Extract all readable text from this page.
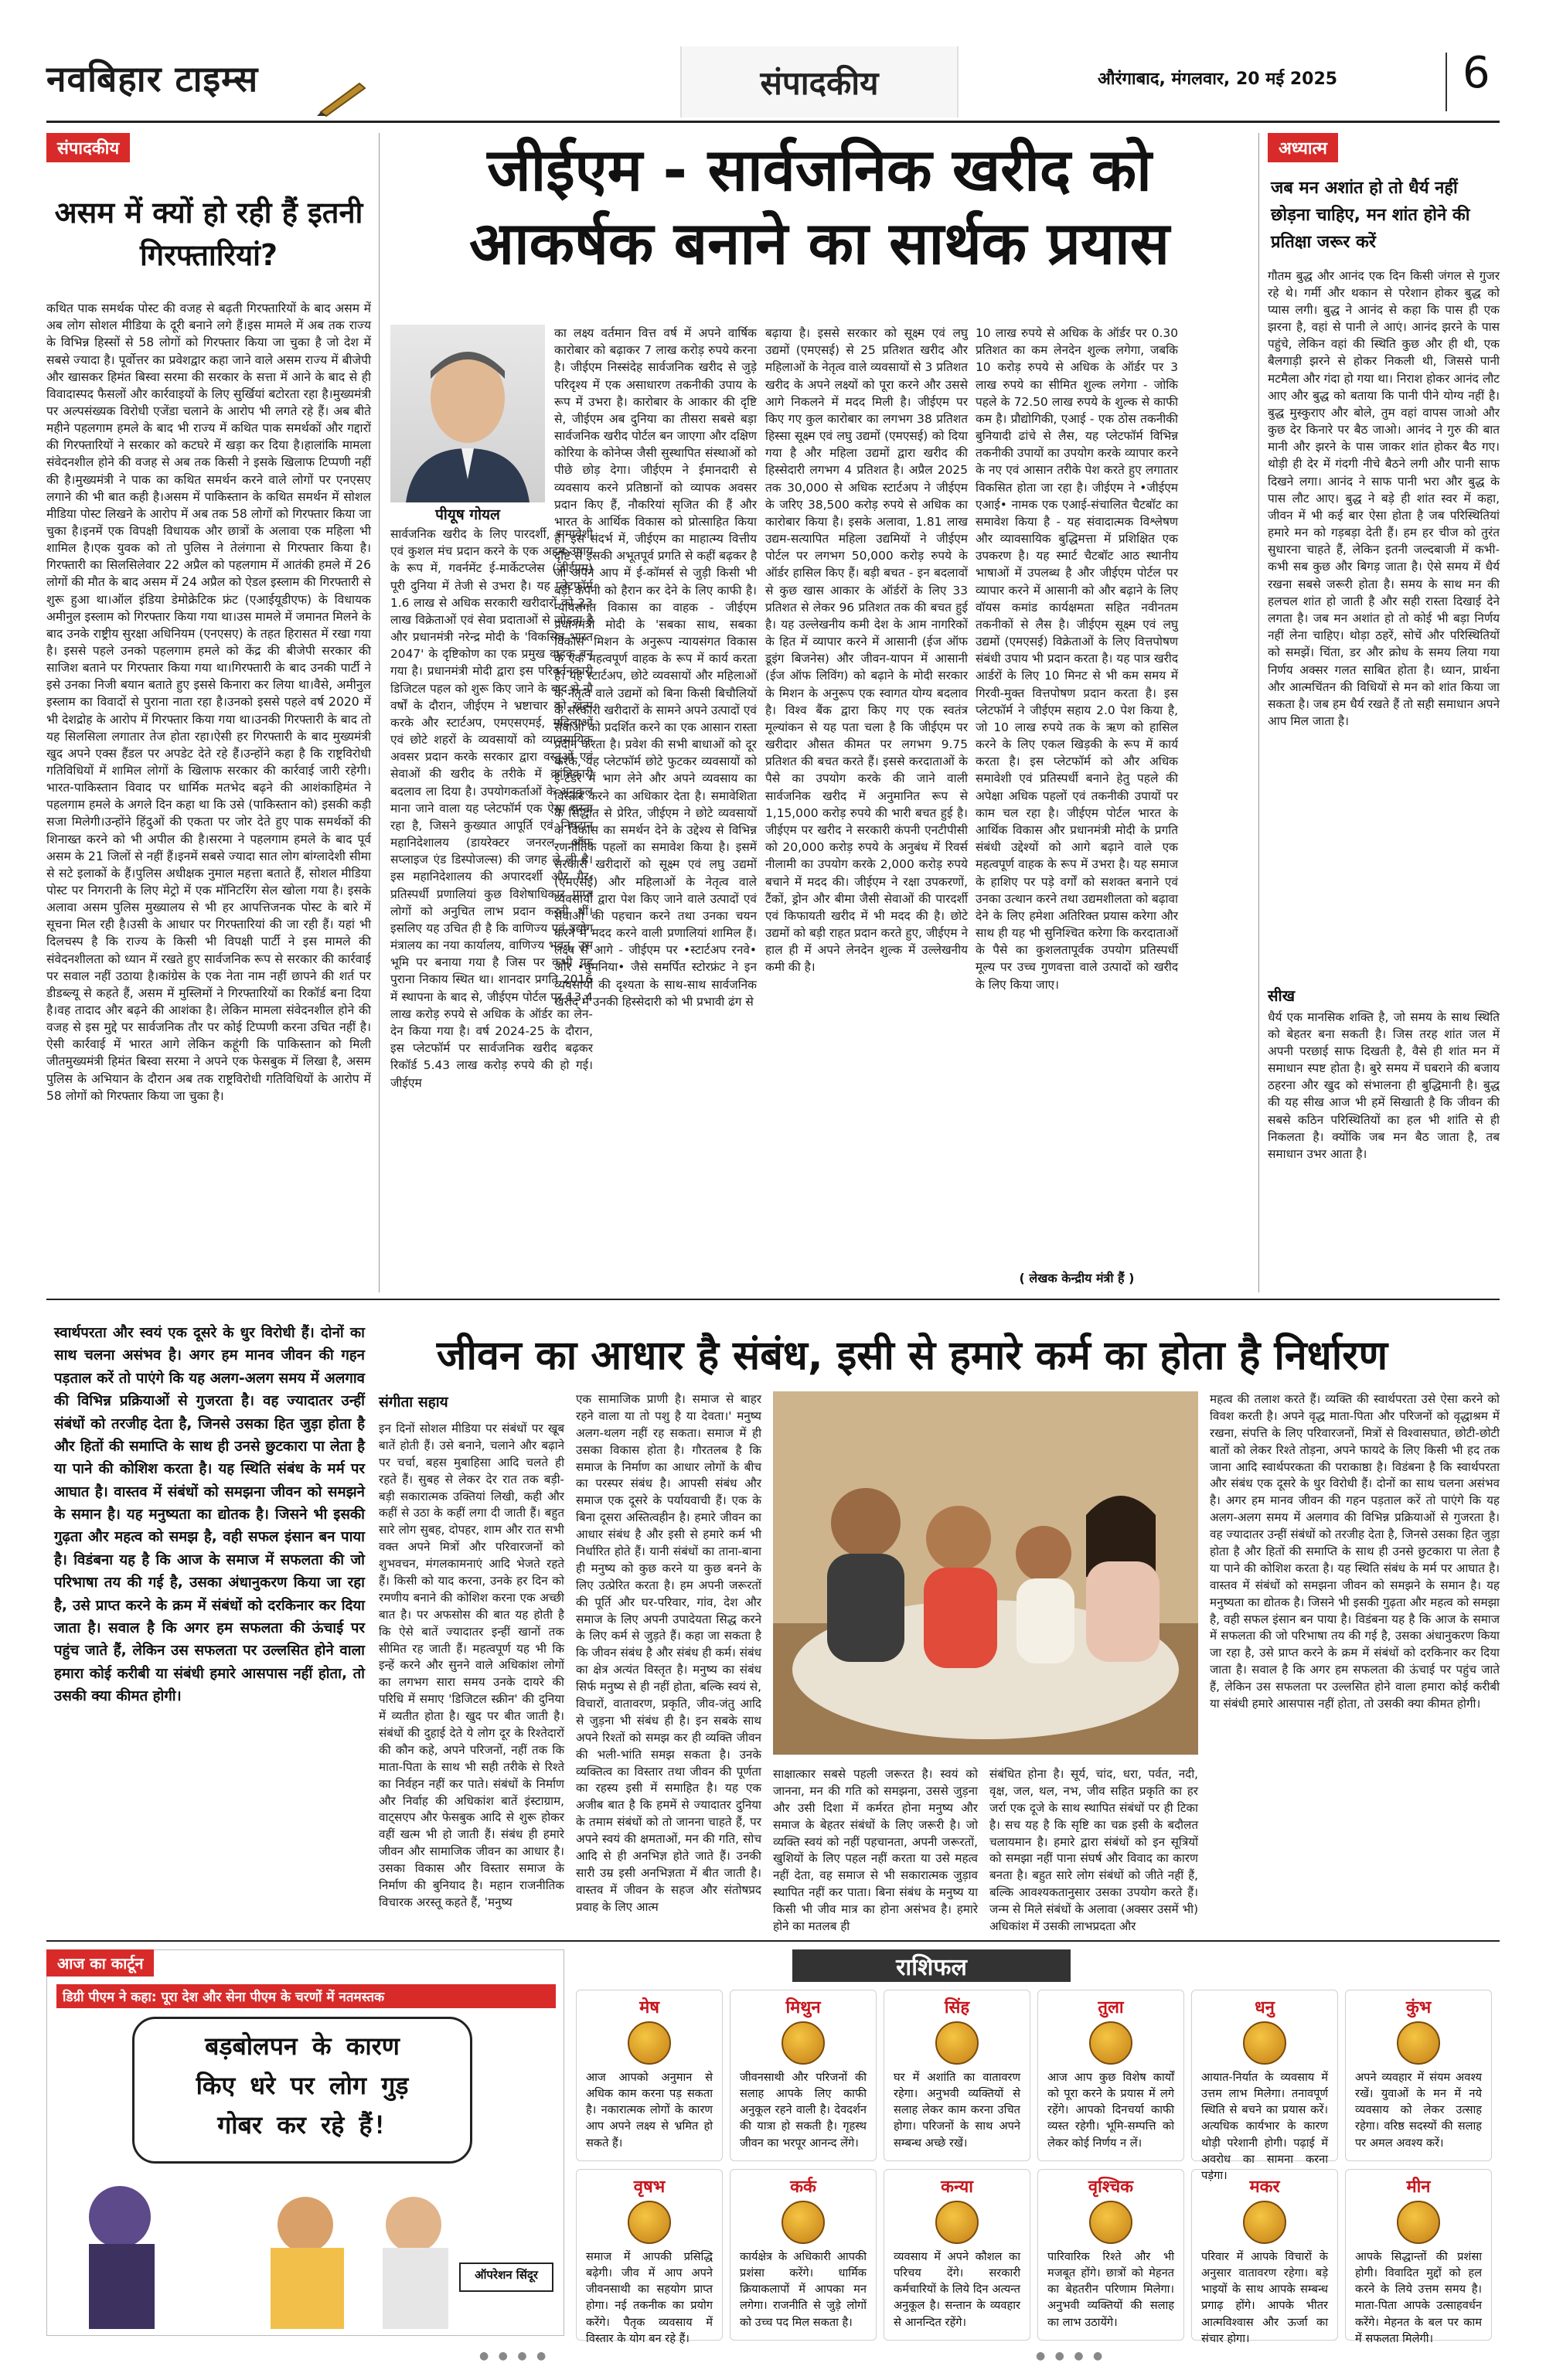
नवबिहार टाइम्स	संपादकीय	औरंगाबाद, मंगलवार, 20 मई 2025	6
संपादकीय
असम में क्यों हो रही हैं इतनी गिरफ्तारियां?
कथित पाक समर्थक पोस्ट की वजह से बढ़ती गिरफ्तारियों के बाद असम में अब लोग सोशल मीडिया के दूरी बनाने लगे हैं।इस मामले में अब तक राज्य के विभिन्न हिस्सों से 58 लोगों को गिरफ्तार किया जा चुका है जो देश में सबसे ज्यादा है। पूर्वोत्तर का प्रवेशद्वार कहा जाने वाले असम राज्य में बीजेपी और खासकर हिमंत बिस्वा सरमा की सरकार के सत्ता में आने के बाद से ही विवादास्पद फैसलों और कार्रवाइयों के लिए सुर्खियां बटोरता रहा है।मुख्यमंत्री पर अल्पसंख्यक विरोधी एजेंडा चलाने के आरोप भी लगते रहे हैं। अब बीते महीने पहलगाम हमले के बाद भी राज्य में कथित पाक समर्थकों और गद्दारों की गिरफ्तारियों ने सरकार को कटघरे में खड़ा कर दिया है।हालांकि मामला संवेदनशील होने की वजह से अब तक किसी ने इसके खिलाफ टिप्पणी नहीं की है।मुख्यमंत्री ने पाक का कथित समर्थन करने वाले लोगों पर एनएसए लगाने की भी बात कही है।असम में पाकिस्तान के कथित समर्थन में सोशल मीडिया पोस्ट लिखने के आरोप में अब तक 58 लोगों को गिरफ्तार किया जा चुका है।इनमें एक विपक्षी विधायक और छात्रों के अलावा एक महिला भी शामिल है।एक युवक को तो पुलिस ने तेलंगाना से गिरफ्तार किया है। गिरफ्तारी का सिलसिलेवार 22 अप्रैल को पहलगाम में आतंकी हमले में 26 लोगों की मौत के बाद असम में 24 अप्रैल को ऐडल इस्लाम की गिरफ्तारी से शुरू हुआ था।ऑल इंडिया डेमोक्रेटिक फ्रंट (एआईयूडीएफ) के विधायक अमीनुल इस्लाम को गिरफ्तार किया गया था।उस मामले में जमानत मिलने के बाद उनके राष्ट्रीय सुरक्षा अधिनियम (एनएसए) के तहत हिरासत में रखा गया है। इससे पहले उनको पहलगाम हमले को केंद्र की बीजेपी सरकार की साजिश बताने पर गिरफ्तार किया गया था।गिरफ्तारी के बाद उनकी पार्टी ने इसे उनका निजी बयान बताते हुए इससे किनारा कर लिया था।वैसे, अमीनुल इस्लाम का विवादों से पुराना नाता रहा है।उनको इससे पहले वर्ष 2020 में भी देशद्रोह के आरोप में गिरफ्तार किया गया था।उनकी गिरफ्तारी के बाद तो यह सिलसिला लगातार तेज होता रहा।ऐसी हर गिरफ्तारी के बाद मुख्यमंत्री खुद अपने एक्स हैंडल पर अपडेट देते रहे हैं।उन्होंने कहा है कि राष्ट्रविरोधी गतिविधियों में शामिल लोगों के खिलाफ सरकार की कार्रवाई जारी रहेगी।भारत-पाकिस्तान विवाद पर धार्मिक मतभेद बढ़ने की आशंकाहिमंत ने पहलगाम हमले के अगले दिन कहा था कि उसे (पाकिस्तान को) इसकी कड़ी सजा मिलेगी।उन्होंने हिंदुओं की एकता पर जोर देते हुए पाक समर्थकों की शिनाख्त करने को भी अपील की है।सरमा ने पहलगाम हमले के बाद पूर्व असम के 21 जिलों से नहीं हैं।इनमें सबसे ज्यादा सात लोग बांग्लादेशी सीमा से सटे इलाकों के हैं।पुलिस अधीक्षक नुमाल महत्ता बताते हैं, सोशल मीडिया पोस्ट पर निगरानी के लिए मेट्रो में एक मॉनिटरिंग सेल खोला गया है। इसके अलावा असम पुलिस मुख्यालय से भी हर आपत्तिजनक पोस्ट के बारे में सूचना मिल रही है।उसी के आधार पर गिरफ्तारियां की जा रही हैं। यहां भी दिलचस्प है कि राज्य के किसी भी विपक्षी पार्टी ने इस मामले की संवेदनशीलता को ध्यान में रखते हुए सार्वजनिक रूप से सरकार की कार्रवाई पर सवाल नहीं उठाया है।कांग्रेस के एक नेता नाम नहीं छापने की शर्त पर डीडब्ल्यू से कहते हैं, असम में मुस्लिमों ने गिरफ्तारियों का रिकॉर्ड बना दिया है।वह तादाद और बढ़ने की आशंका है। लेकिन मामला संवेदनशील होने की वजह से इस मुद्दे पर सार्वजनिक तौर पर कोई टिप्पणी करना उचित नहीं है।ऐसी कार्रवाई में भारत आगे लेकिन कहूंगी कि पाकिस्तान को मिली जीतमुख्यमंत्री हिमंत बिस्वा सरमा ने अपने एक फेसबुक में लिखा है, असम पुलिस के अभियान के दौरान अब तक राष्ट्रविरोधी गतिविधियों के आरोप में 58 लोगों को गिरफ्तार किया जा चुका है।
जीईएम - सार्वजनिक खरीद को
आकर्षक बनाने का सार्थक प्रयास
पीयूष गोयल
सार्वजनिक खरीद के लिए पारदर्शी, समावेशी एवं कुशल मंच प्रदान करने के एक अहम उपाय के रूप में, गवर्नमेंट ई-मार्केटप्लेस (जीईएम) पूरी दुनिया में तेजी से उभरा है। यह प्लेटफॉर्म 1.6 लाख से अधिक सरकारी खरीदारों को 23 लाख विक्रेताओं एवं सेवा प्रदाताओं से जोड़ता है और प्रधानमंत्री नरेन्द्र मोदी के 'विकसित भारत 2047' के दृष्टिकोण का एक प्रमुख वाहक बन गया है। प्रधानमंत्री मोदी द्वारा इस परिवर्तनकारी डिजिटल पहल को शुरू किए जाने के बाद से नौ वर्षों के दौरान, जीईएम ने भ्रष्टाचार को खत्म करके और स्टार्टअप, एमएसएमई, महिलाओं एवं छोटे शहरों के व्यवसायों को व्यावसायिक अवसर प्रदान करके सरकार द्वारा वस्तुओं एवं सेवाओं की खरीद के तरीके में क्रांतिकारी बदलाव ला दिया है। उपयोगकर्ताओं के अनुकूल माना जाने वाला यह प्लेटफॉर्म एक ऐसा रास्ता रहा है, जिसने कुख्यात आपूर्ति एवं निपटान महानिदेशालय (डायरेक्टर जनरल ऑफ सप्लाइज एंड डिस्पोजल्स) की जगह ले ली है। इस महानिदेशालय की अपारदर्शी और गैर-प्रतिस्पर्धी प्रणालियां कुछ विशेषाधिकार प्राप्त लोगों को अनुचित लाभ प्रदान करती थीं। इसलिए यह उचित ही है कि वाणिज्य एवं उद्योग मंत्रालय का नया कार्यालय, वाणिज्य भवन, उस भूमि पर बनाया गया है जिस पर कभी यह पुराना निकाय स्थित था। शानदार प्रगति 2016 में स्थापना के बाद से, जीईएम पोर्टल पर 13.4 लाख करोड़ रुपये से अधिक के ऑर्डर का लेन-देन किया गया है। वर्ष 2024-25 के दौरान, इस प्लेटफॉर्म पर सार्वजनिक खरीद बढ़कर रिकॉर्ड 5.43 लाख करोड़ रुपये की हो गई। जीईएम
का लक्ष्य वर्तमान वित्त वर्ष में अपने वार्षिक कारोबार को बढ़ाकर 7 लाख करोड़ रुपये करना है। जीईएम निस्संदेह सार्वजनिक खरीद से जुड़े परिदृश्य में एक असाधारण तकनीकी उपाय के रूप में उभरा है। कारोबार के आकार की दृष्टि से, जीईएम अब दुनिया का तीसरा सबसे बड़ा सार्वजनिक खरीद पोर्टल बन जाएगा और दक्षिण कोरिया के कोनेप्स जैसी सुस्थापित संस्थाओं को पीछे छोड़ देगा। जीईएम ने ईमानदारी से व्यवसाय करने प्रतिष्ठानों को व्यापक अवसर प्रदान किए हैं, नौकरियां सृजित की हैं और भारत के आर्थिक विकास को प्रोत्साहित किया है। इस संदर्भ में, जीईएम का माहात्म्य वित्तीय दृष्टि से इसकी अभूतपूर्व प्रगति से कहीं बढ़कर है जो अपने आप में ई-कॉमर्स से जुड़ी किसी भी बड़ी कंपनी को हैरान कर देने के लिए काफी है। न्यायसंगत विकास का वाहक - जीईएम प्रधानमंत्री मोदी के 'सबका साथ, सबका विकास' मिशन के अनुरूप न्यायसंगत विकास के एक महत्वपूर्ण वाहक के रूप में कार्य करता है। यह स्टार्टअप, छोटे व्यवसायों और महिलाओं के नेतृत्व वाले उद्यमों को बिना किसी बिचौलियों के सरकारी खरीदारों के सामने अपने उत्पादों एवं सेवाओं को प्रदर्शित करने का एक आसान रास्ता प्रदान करता है। प्रवेश की सभी बाधाओं को दूर करके, यह प्लेटफॉर्म छोटे फुटकर व्यवसायों को ई-टेंडर में भाग लेने और अपने व्यवसाय का विस्तार करने का अधिकार देता है। समावेशिता के सिद्धांत से प्रेरित, जीईएम ने छोटे व्यवसायों के विकास का समर्थन देने के उद्देश्य से विभिन्न रणनीतिक पहलों का समावेश किया है। इसमें सरकारी खरीदारों को सूक्ष्म एवं लघु उद्यमों (एमएसई) और महिलाओं के नेतृत्व वाले व्यवसायों द्वारा पेश किए जाने वाले उत्पादों एवं सेवाओं की पहचान करने तथा उनका चयन करने में मदद करने वाली प्रणालियां शामिल हैं। लक्ष्य से आगे - जीईएम पर •स्टार्टअप रनवे• और •वुमनिया• जैसे समर्पित स्टोरफ्रंट ने इन व्यवसायों की दृश्यता के साथ-साथ सार्वजनिक खरीद में उनकी हिस्सेदारी को भी प्रभावी ढंग से
बढ़ाया है। इससे सरकार को सूक्ष्म एवं लघु उद्यमों (एमएसई) से 25 प्रतिशत खरीद और महिलाओं के नेतृत्व वाले व्यवसायों से 3 प्रतिशत खरीद के अपने लक्ष्यों को पूरा करने और उससे आगे निकलने में मदद मिली है। जीईएम पर किए गए कुल कारोबार का लगभग 38 प्रतिशत हिस्सा सूक्ष्म एवं लघु उद्यमों (एमएसई) को दिया गया है और महिला उद्यमों द्वारा खरीद की हिस्सेदारी लगभग 4 प्रतिशत है। अप्रैल 2025 तक 30,000 से अधिक स्टार्टअप ने जीईएम के जरिए 38,500 करोड़ रुपये से अधिक का कारोबार किया है। इसके अलावा, 1.81 लाख उद्यम-सत्यापित महिला उद्यमियों ने जीईएम पोर्टल पर लगभग 50,000 करोड़ रुपये के ऑर्डर हासिल किए हैं। बड़ी बचत - इन बदलावों से कुछ खास आकार के ऑर्डरों के लिए 33 प्रतिशत से लेकर 96 प्रतिशत तक की बचत हुई है। यह उल्लेखनीय कमी देश के आम नागरिकों के हित में व्यापार करने में आसानी (ईज ऑफ डूइंग बिजनेस) और जीवन-यापन में आसानी (ईज ऑफ लिविंग) को बढ़ाने के मोदी सरकार के मिशन के अनुरूप एक स्वागत योग्य बदलाव है। विश्व बैंक द्वारा किए गए एक स्वतंत्र मूल्यांकन से यह पता चला है कि जीईएम पर खरीदार औसत कीमत पर लगभग 9.75 प्रतिशत की बचत करते हैं। इससे करदाताओं के पैसे का उपयोग करके की जाने वाली सार्वजनिक खरीद में अनुमानित रूप से 1,15,000 करोड़ रुपये की भारी बचत हुई है। जीईएम पर खरीद ने सरकारी कंपनी एनटीपीसी को 20,000 करोड़ रुपये के अनुबंध में रिवर्स नीलामी का उपयोग करके 2,000 करोड़ रुपये बचाने में मदद की। जीईएम ने रक्षा उपकरणों, टैंकों, ड्रोन और बीमा जैसी सेवाओं की पारदर्शी एवं किफायती खरीद में भी मदद की है। छोटे उद्यमों को बड़ी राहत प्रदान करते हुए, जीईएम ने हाल ही में अपने लेनदेन शुल्क में उल्लेखनीय कमी की है।
10 लाख रुपये से अधिक के ऑर्डर पर 0.30 प्रतिशत का कम लेनदेन शुल्क लगेगा, जबकि 10 करोड़ रुपये से अधिक के ऑर्डर पर 3 लाख रुपये का सीमित शुल्क लगेगा - जोकि पहले के 72.50 लाख रुपये के शुल्क से काफी कम है। प्रौद्योगिकी, एआई - एक ठोस तकनीकी बुनियादी ढांचे से लैस, यह प्लेटफॉर्म विभिन्न तकनीकी उपायों का उपयोग करके व्यापार करने के नए एवं आसान तरीके पेश करते हुए लगातार विकसित होता जा रहा है। जीईएम ने •जीईएम एआई• नामक एक एआई-संचालित चैटबॉट का समावेश किया है - यह संवादात्मक विश्लेषण और व्यावसायिक बुद्धिमत्ता में प्रशिक्षित एक उपकरण है। यह स्मार्ट चैटबॉट आठ स्थानीय भाषाओं में उपलब्ध है और जीईएम पोर्टल पर व्यापार करने में आसानी को और बढ़ाने के लिए वॉयस कमांड कार्यक्षमता सहित नवीनतम तकनीकों से लैस है। जीईएम सूक्ष्म एवं लघु उद्यमों (एमएसई) विक्रेताओं के लिए वित्तपोषण संबंधी उपाय भी प्रदान करता है। यह पात्र खरीद आर्डरों के लिए 10 मिनट से भी कम समय में गिरवी-मुक्त वित्तपोषण प्रदान करता है। इस प्लेटफॉर्म ने जीईएम सहाय 2.0 पेश किया है, जो 10 लाख रुपये तक के ऋण को हासिल करने के लिए एकल खिड़की के रूप में कार्य करता है। इस प्लेटफॉर्म को और अधिक समावेशी एवं प्रतिस्पर्धी बनाने हेतु पहले की अपेक्षा अधिक पहलों एवं तकनीकी उपायों पर काम चल रहा है। जीईएम पोर्टल भारत के आर्थिक विकास और प्रधानमंत्री मोदी के प्रगति संबंधी उद्देश्यों को आगे बढ़ाने वाले एक महत्वपूर्ण वाहक के रूप में उभरा है। यह समाज के हाशिए पर पड़े वर्गों को सशक्त बनाने एवं उनका उत्थान करने तथा उद्यमशीलता को बढ़ावा देने के लिए हमेशा अतिरिक्त प्रयास करेगा और साथ ही यह भी सुनिश्चित करेगा कि करदाताओं के पैसे का कुशलतापूर्वक उपयोग प्रतिस्पर्धी मूल्य पर उच्च गुणवत्ता वाले उत्पादों को खरीद के लिए किया जाए।
( लेखक केन्द्रीय मंत्री हैं )
अध्यात्म
जब मन अशांत हो तो धैर्य नहीं छोड़ना चाहिए, मन शांत होने की प्रतिक्षा जरूर करें
गौतम बुद्ध और आनंद एक दिन किसी जंगल से गुजर रहे थे। गर्मी और थकान से परेशान होकर बुद्ध को प्यास लगी। बुद्ध ने आनंद से कहा कि पास ही एक झरना है, वहां से पानी ले आएं। आनंद झरने के पास पहुंचे, लेकिन वहां की स्थिति कुछ और ही थी, एक बैलगाड़ी झरने से होकर निकली थी, जिससे पानी मटमैला और गंदा हो गया था। निराश होकर आनंद लौट आए और बुद्ध को बताया कि पानी पीने योग्य नहीं है। बुद्ध मुस्कुराए और बोले, तुम वहां वापस जाओ और कुछ देर किनारे पर बैठ जाओ। आनंद ने गुरु की बात मानी और झरने के पास जाकर शांत होकर बैठ गए। थोड़ी ही देर में गंदगी नीचे बैठने लगी और पानी साफ दिखने लगा। आनंद ने साफ पानी भरा और बुद्ध के पास लौट आए। बुद्ध ने बड़े ही शांत स्वर में कहा, जीवन में भी कई बार ऐसा होता है जब परिस्थितियां हमारे मन को गड़बड़ा देती हैं। हम हर चीज को तुरंत सुधारना चाहते हैं, लेकिन इतनी जल्दबाजी में कभी-कभी सब कुछ और बिगड़ जाता है। ऐसे समय में धैर्य रखना सबसे जरूरी होता है। समय के साथ मन की हलचल शांत हो जाती है और सही रास्ता दिखाई देने लगता है। जब मन अशांत हो तो कोई भी बड़ा निर्णय नहीं लेना चाहिए। थोड़ा ठहरें, सोचें और परिस्थितियों को समझें। चिंता, डर और क्रोध के समय लिया गया निर्णय अक्सर गलत साबित होता है। ध्यान, प्रार्थना और आत्मचिंतन की विधियों से मन को शांत किया जा सकता है। जब हम धैर्य रखते हैं तो सही समाधान अपने आप मिल जाता है।
सीख
धैर्य एक मानसिक शक्ति है, जो समय के साथ स्थिति को बेहतर बना सकती है। जिस तरह शांत जल में अपनी परछाई साफ दिखती है, वैसे ही शांत मन में समाधान स्पष्ट होता है। बुरे समय में घबराने की बजाय ठहरना और खुद को संभालना ही बुद्धिमानी है। बुद्ध की यह सीख आज भी हमें सिखाती है कि जीवन की सबसे कठिन परिस्थितियों का हल भी शांति से ही निकलता है। क्योंकि जब मन बैठ जाता है, तब समाधान उभर आता है।
स्वार्थपरता और स्वयं एक दूसरे के धुर विरोधी हैं। दोनों का साथ चलना असंभव है। अगर हम मानव जीवन की गहन पड़ताल करें तो पाएंगे कि यह अलग-अलग समय में अलगाव की विभिन्न प्रक्रियाओं से गुजरता है। वह ज्यादातर उन्हीं संबंधों को तरजीह देता है, जिनसे उसका हित जुड़ा होता है और हितों की समाप्ति के साथ ही उनसे छुटकारा पा लेता है या पाने की कोशिश करता है। यह स्थिति संबंध के मर्म पर आघात है। वास्तव में संबंधों को समझना जीवन को समझने के समान है। यह मनुष्यता का द्योतक है। जिसने भी इसकी गुढ़ता और महत्व को समझ है, वही सफल इंसान बन पाया है। विडंबना यह है कि आज के समाज में सफलता की जो परिभाषा तय की गई है, उसका अंधानुकरण किया जा रहा है, उसे प्राप्त करने के क्रम में संबंधों को दरकिनार कर दिया जाता है। सवाल है कि अगर हम सफलता की ऊंचाई पर पहुंच जाते हैं, लेकिन उस सफलता पर उल्लसित होने वाला हमारा कोई करीबी या संबंधी हमारे आसपास नहीं होता, तो उसकी क्या कीमत होगी।
जीवन का आधार है संबंध, इसी से हमारे कर्म का होता है निर्धारण
संगीता सहाय
इन दिनों सोशल मीडिया पर संबंधों पर खूब बातें होती हैं। उसे बनाने, चलाने और बढ़ाने पर चर्चा, बहस मुबाहिसा आदि चलते ही रहते हैं। सुबह से लेकर देर रात तक बड़ी-बड़ी सकारात्मक उक्तियां लिखी, कही और कहीं से उठा के कहीं लगा दी जाती हैं। बहुत सारे लोग सुबह, दोपहर, शाम और रात सभी वक्त अपने मित्रों और परिवारजनों को शुभवचन, मंगलकामनाएं आदि भेजते रहते हैं। किसी को याद करना, उनके हर दिन को रमणीय बनाने की कोशिश करना एक अच्छी बात है। पर अफसोस की बात यह होती है कि ऐसे बातें ज्यादातर इन्हीं खानों तक सीमित रह जाती हैं। महत्वपूर्ण यह भी कि इन्हें करने और सुनने वाले अधिकांश लोगों का लगभग सारा समय उनके दायरे की परिधि में समाए 'डिजिटल स्क्रीन' की दुनिया में व्यतीत होता है। खुद पर बीत जाती है। संबंधों की दुहाई देते ये लोग दूर के रिश्तेदारों की कौन कहे, अपने परिजनों, नहीं तक कि माता-पिता के साथ भी सही तरीके से रिश्ते का निर्वहन नहीं कर पाते। संबंधों के निर्माण और निर्वाह की अधिकांश बातें इंस्टाग्राम, वाट्सएप और फेसबुक आदि से शुरू होकर वहीं खत्म भी हो जाती हैं। संबंध ही हमारे जीवन और सामाजिक जीवन का आधार है। उसका विकास और विस्तार समाज के निर्माण की बुनियाद है। महान राजनीतिक विचारक अरस्तू कहते हैं, 'मनुष्य
एक सामाजिक प्राणी है। समाज से बाहर रहने वाला या तो पशु है या देवता।' मनुष्य अलग-थलग नहीं रह सकता। समाज में ही उसका विकास होता है। गौरतलब है कि समाज के निर्माण का आधार लोगों के बीच का परस्पर संबंध है। आपसी संबंध और समाज एक दूसरे के पर्यायवाची हैं। एक के बिना दूसरा अस्तित्वहीन है। हमारे जीवन का आधार संबंध है और इसी से हमारे कर्म भी निर्धारित होते हैं। यानी संबंधों का ताना-बाना ही मनुष्य को कुछ करने या कुछ बनने के लिए उत्प्रेरित करता है। हम अपनी जरूरतों की पूर्ति और घर-परिवार, गांव, देश और समाज के लिए अपनी उपादेयता सिद्ध करने के लिए कर्म से जुड़ते हैं। कहा जा सकता है कि जीवन संबंध है और संबंध ही कर्म। संबंध का क्षेत्र अत्यंत विस्तृत है। मनुष्य का संबंध सिर्फ मनुष्य से ही नहीं होता, बल्कि स्वयं से, विचारों, वातावरण, प्रकृति, जीव-जंतु आदि से जुड़ना भी संबंध ही है। इन सबके साथ अपने रिश्तों को समझ कर ही व्यक्ति जीवन की भली-भांति समझ सकता है। उनके व्यक्तित्व का विस्तार तथा जीवन की पूर्णता का रहस्य इसी में समाहित है। यह एक अजीब बात है कि हममें से ज्यादातर दुनिया के तमाम संबंधों को तो जानना चाहते हैं, पर अपने स्वयं की क्षमताओं, मन की गति, सोच आदि से ही अनभिज्ञ होते जाते हैं। उनकी सारी उम्र इसी अनभिज्ञता में बीत जाती है। वास्तव में जीवन के सहज और संतोषप्रद प्रवाह के लिए आत्म
साक्षात्कार सबसे पहली जरूरत है। स्वयं को जानना, मन की गति को समझना, उससे जुड़ना और उसी दिशा में कर्मरत होना मनुष्य और समाज के बेहतर संबंधों के लिए जरूरी है। जो व्यक्ति स्वयं को नहीं पहचानता, अपनी जरूरतों, खुशियों के लिए पहल नहीं करता या उसे महत्व नहीं देता, वह समाज से भी सकारात्मक जुड़ाव स्थापित नहीं कर पाता। बिना संबंध के मनुष्य या किसी भी जीव मात्र का होना असंभव है। हमारे होने का मतलब ही
संबंधित होना है। सूर्य, चांद, धरा, पर्वत, नदी, वृक्ष, जल, थल, नभ, जीव सहित प्रकृति का हर जर्रा एक दूजे के साथ स्थापित संबंधों पर ही टिका है। सच यह है कि सृष्टि का चक्र इसी के बदौलत चलायमान है। हमारे द्वारा संबंधों को इन सूत्रियों को समझा नहीं पाना संघर्ष और विवाद का कारण बनता है। बहुत सारे लोग संबंधों को जीते नहीं हैं, बल्कि आवश्यकतानुसार उसका उपयोग करते हैं। जन्म से मिले संबंधों के अलावा (अक्सर उसमें भी) अधिकांश में उसकी लाभप्रदता और
महत्व की तलाश करते हैं। व्यक्ति की स्वार्थपरता उसे ऐसा करने को विवश करती है। अपने वृद्ध माता-पिता और परिजनों को वृद्धाश्रम में रखना, संपत्ति के लिए परिवारजनों, मित्रों से विश्वासघात, छोटी-छोटी बातों को लेकर रिश्ते तोड़ना, अपने फायदे के लिए किसी भी हद तक जाना आदि स्वार्थपरकता की पराकाष्ठा है। विडंबना है कि स्वार्थपरता और संबंध एक दूसरे के धुर विरोधी हैं। दोनों का साथ चलना असंभव है। अगर हम मानव जीवन की गहन पड़ताल करें तो पाएंगे कि यह अलग-अलग समय में अलगाव की विभिन्न प्रक्रियाओं से गुजरता है। वह ज्यादातर उन्हीं संबंधों को तरजीह देता है, जिनसे उसका हित जुड़ा होता है और हितों की समाप्ति के साथ ही उनसे छुटकारा पा लेता है या पाने की कोशिश करता है। यह स्थिति संबंध के मर्म पर आघात है। वास्तव में संबंधों को समझना जीवन को समझने के समान है। यह मनुष्यता का द्योतक है। जिसने भी इसकी गुढ़ता और महत्व को समझा है, वही सफल इंसान बन पाया है। विडंबना यह है कि आज के समाज में सफलता की जो परिभाषा तय की गई है, उसका अंधानुकरण किया जा रहा है, उसे प्राप्त करने के क्रम में संबंधों को दरकिनार कर दिया जाता है। सवाल है कि अगर हम सफलता की ऊंचाई पर पहुंच जाते हैं, लेकिन उस सफलता पर उल्लसित होने वाला हमारा कोई करीबी या संबंधी हमारे आसपास नहीं होता, तो उसकी क्या कीमत होगी।
आज का कार्टून
डिग्री पीएम ने कहा: पूरा देश और सेना पीएम के चरणों में नतमस्तक
बड़बोलपन के कारण
किए धरे पर लोग गुड़
गोबर कर रहे हैं!
ऑपरेशन सिंदूर
राशिफल
मेष
आज आपको अनुमान से अधिक काम करना पड़ सकता है। नकारात्मक लोगों के कारण आप अपने लक्ष्य से भ्रमित हो सकते हैं।
मिथुन
जीवनसाथी और परिजनों की सलाह आपके लिए काफी अनुकूल रहने वाली है। देवदर्शन की यात्रा हो सकती है। गृहस्थ जीवन का भरपूर आनन्द लेंगे।
सिंह
घर में अशांति का वातावरण रहेगा। अनुभवी व्यक्तियों से सलाह लेकर काम करना उचित होगा। परिजनों के साथ अपने सम्बन्ध अच्छे रखें।
तुला
आज आप कुछ विशेष कार्यों को पूरा करने के प्रयास में लगे रहेंगे। आपको दिनचर्या काफी व्यस्त रहेगी। भूमि-सम्पत्ति को लेकर कोई निर्णय न लें।
धनु
आयात-निर्यात के व्यवसाय में उत्तम लाभ मिलेगा। तनावपूर्ण स्थिति से बचने का प्रयास करें। अत्यधिक कार्यभार के कारण थोड़ी परेशानी होगी। पढ़ाई में अवरोध का सामना करना पड़ेगा।
कुंभ
अपने व्यवहार में संयम अवश्य रखें। युवाओं के मन में नये व्यवसाय को लेकर उत्साह रहेगा। वरिष्ठ सदस्यों की सलाह पर अमल अवश्य करें।
वृषभ
समाज में आपकी प्रसिद्धि बढ़ेगी। जीव में आप अपने जीवनसाथी का सहयोग प्राप्त होगा। नई तकनीक का प्रयोग करेंगे। पैतृक व्यवसाय में विस्तार के योग बन रहे हैं।
कर्क
कार्यक्षेत्र के अधिकारी आपकी प्रशंसा करेंगे। धार्मिक क्रियाकलापों में आपका मन लगेगा। राजनीति से जुड़े लोगों को उच्च पद मिल सकता है।
कन्या
व्यवसाय में अपने कौशल का परिचय देंगे। सरकारी कर्मचारियों के लिये दिन अत्यन्त अनुकूल है। सन्तान के व्यवहार से आनन्दित रहेंगे।
वृश्चिक
पारिवारिक रिश्ते और भी मजबूत होंगे। छात्रों को मेहनत का बेहतरीन परिणाम मिलेगा। अनुभवी व्यक्तियों की सलाह का लाभ उठायेंगे।
मकर
परिवार में आपके विचारों के अनुसार वातावरण रहेगा। बड़े भाइयों के साथ आपके सम्बन्ध प्रगाढ़ होंगे। आपके भीतर आत्मविश्वास और ऊर्जा का संचार होगा।
मीन
आपके सिद्धान्तों की प्रशंसा होगी। विवादित मुद्दों को हल करने के लिये उत्तम समय है। माता-पिता आपके उत्साहवर्धन करेंगे। मेहनत के बल पर काम में सफलता मिलेगी।
● ● ● ●	● ● ● ●
